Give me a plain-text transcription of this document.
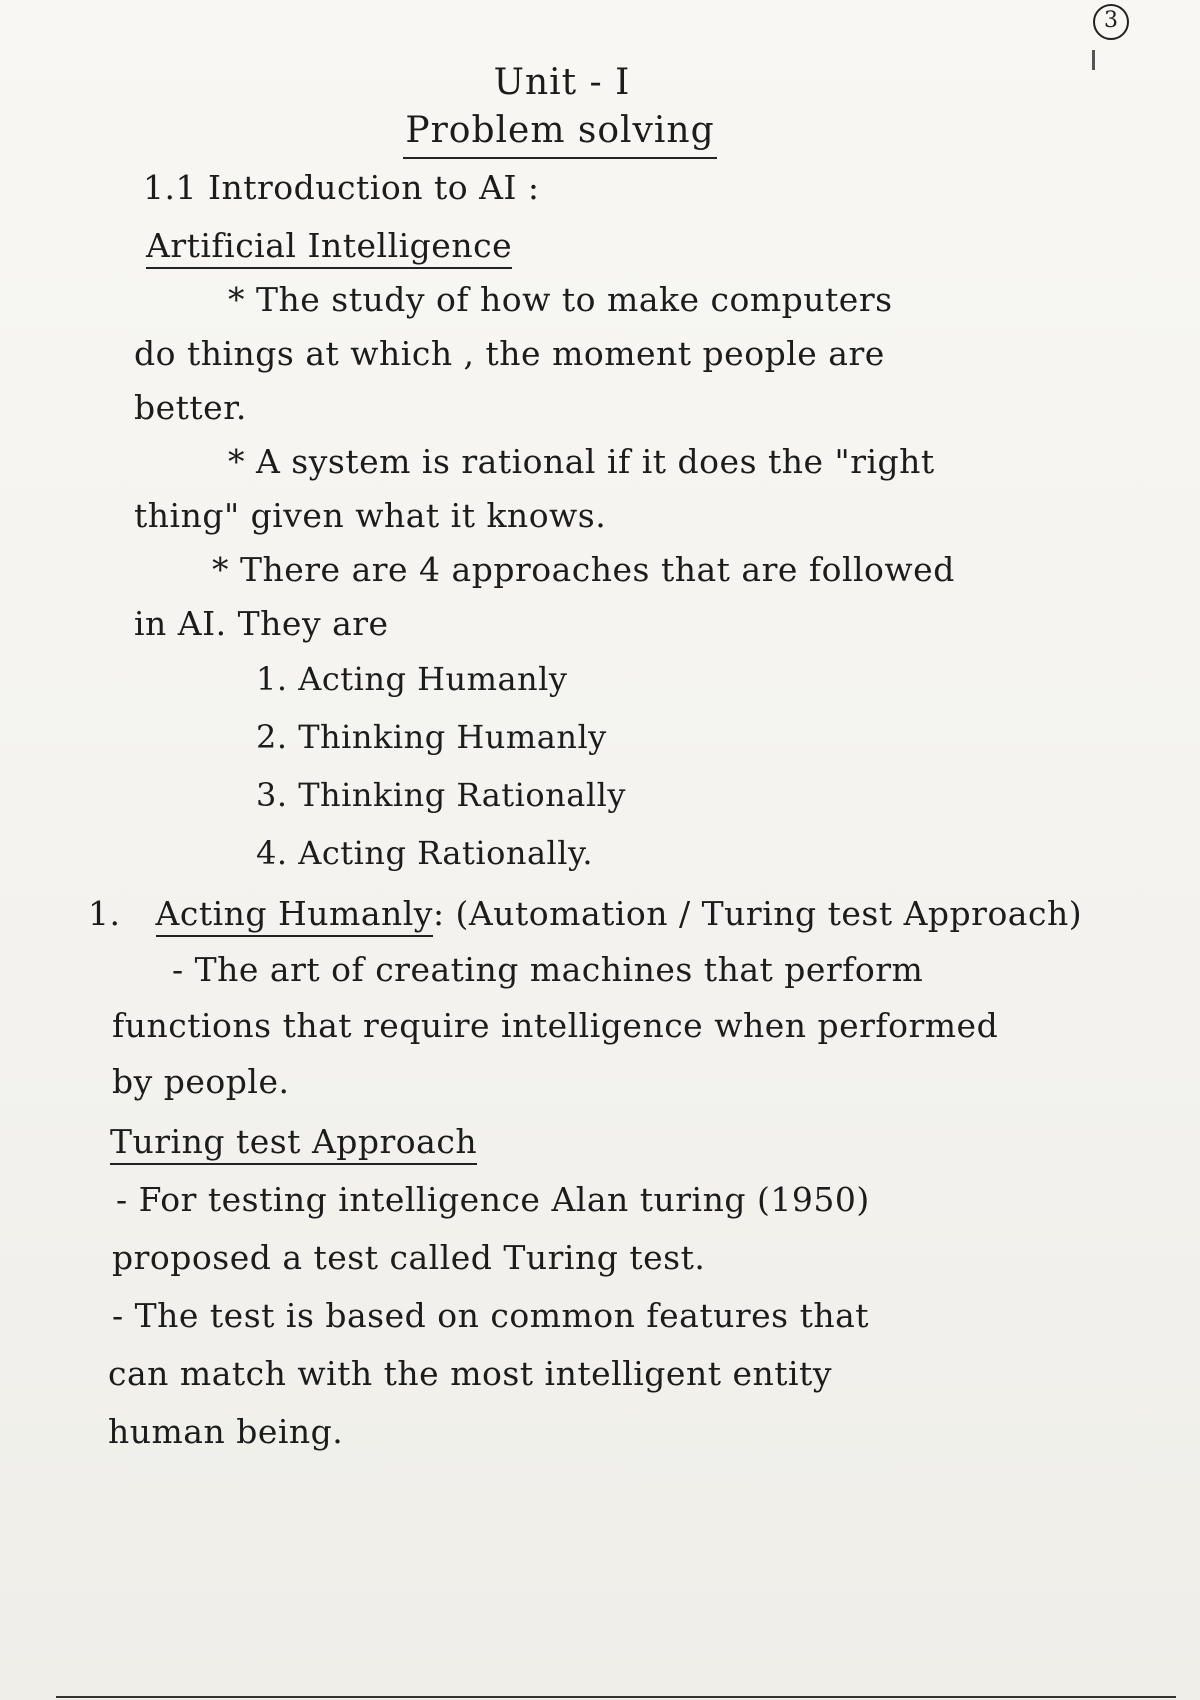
3
Unit - I
Problem solving
1.1 Introduction to AI :
Artificial Intelligence
* The study of how to make computers
do things at which , the moment people are
better.
* A system is rational if it does the "right
thing" given what it knows.
* There are 4 approaches that are followed
in AI. They are
1. Acting Humanly
2. Thinking Humanly
3. Thinking Rationally
4. Acting Rationally.
1. Acting Humanly: (Automation / Turing test Approach)
- The art of creating machines that perform
functions that require intelligence when performed
by people.
Turing test Approach
- For testing intelligence Alan turing (1950)
proposed a test called Turing test.
- The test is based on common features that
can match with the most intelligent entity
human being.
